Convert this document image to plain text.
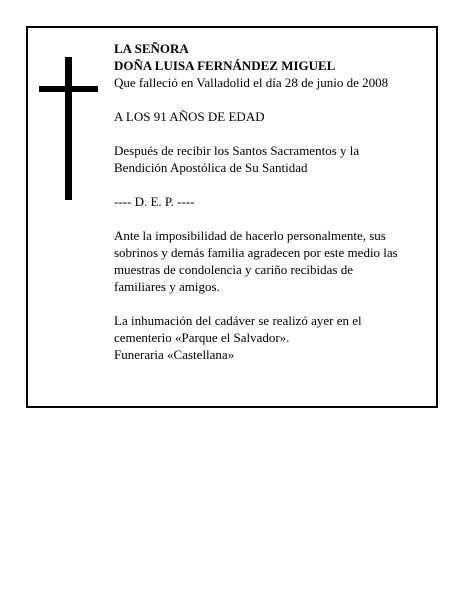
LA SEÑORA
DOÑA LUISA FERNÁNDEZ MIGUEL
Que falleció en Valladolid el día 28 de junio de 2008
A LOS 91 AÑOS DE EDAD
Después de recibir los Santos Sacramentos y la
Bendición Apostólica de Su Santidad
---- D. E. P. ----
Ante la imposibilidad de hacerlo personalmente, sus
sobrinos y demás familia agradecen por este medio las
muestras de condolencia y cariño recibidas de
familiares y amigos.
La inhumación del cadáver se realizó ayer en el
cementerio «Parque el Salvador».
Funeraria «Castellana»
